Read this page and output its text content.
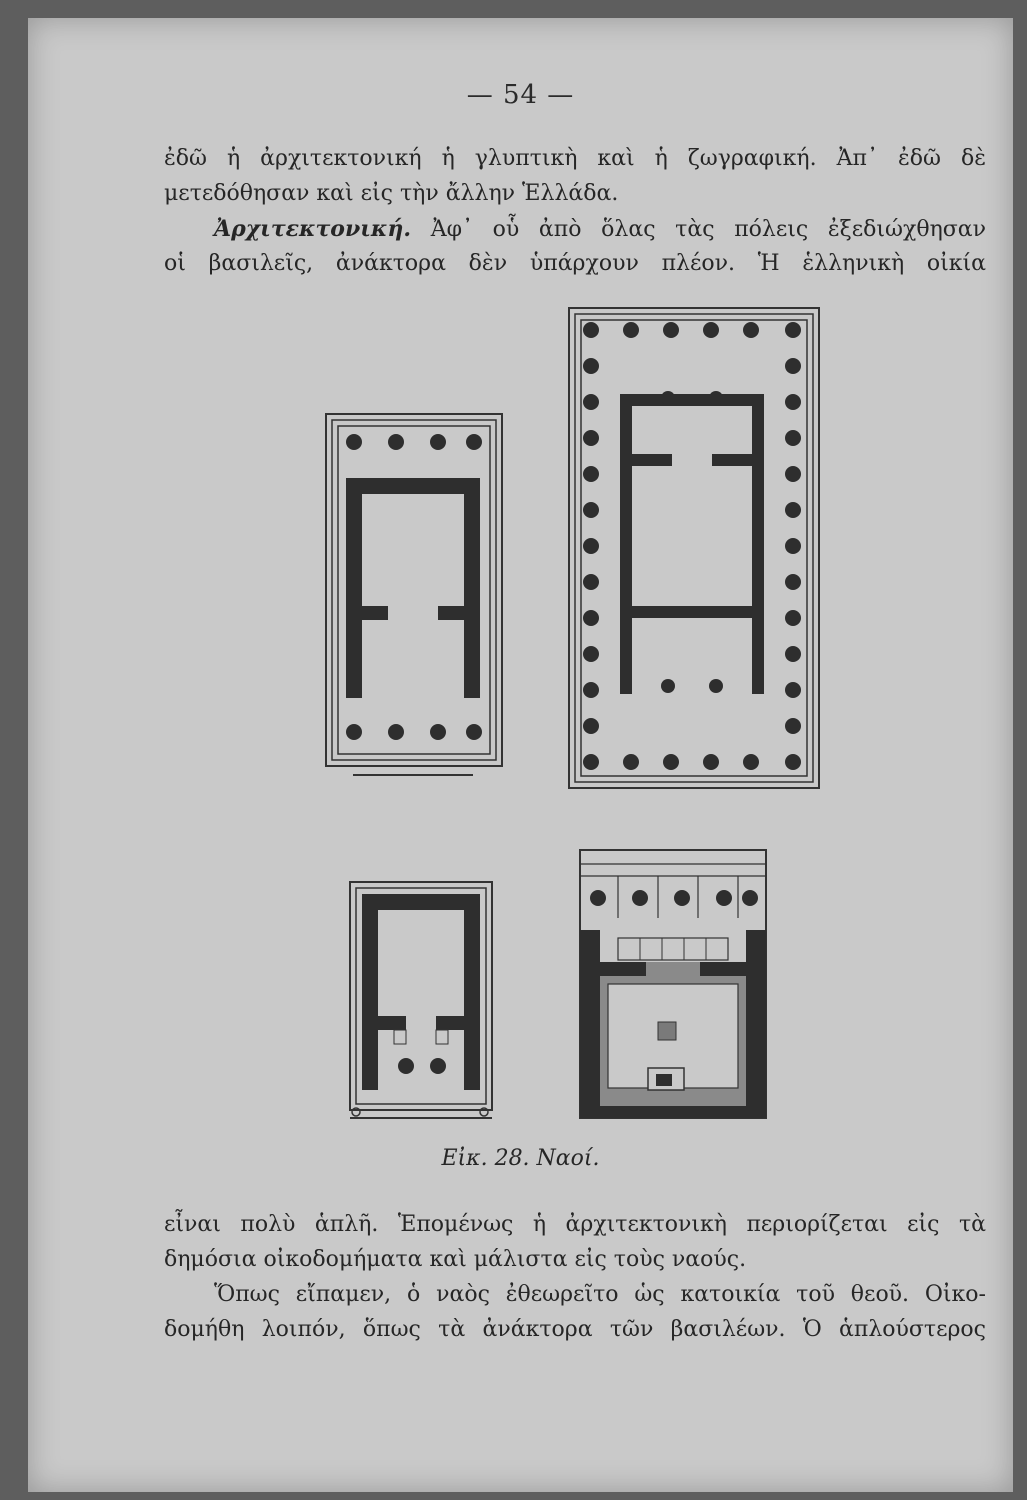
— 54 —
ἐδῶ ἡ ἀρχιτεκτονική ἡ γλυπτικὴ καὶ ἡ ζωγραφική. Ἀπ᾿ ἐδῶ δὲ
μετεδόθησαν καὶ εἰς τὴν ἄλλην Ἑλλάδα.
Ἀρχιτεκτονική. Ἀφ᾿ οὗ ἀπὸ ὅλας τὰς πόλεις ἐξεδιώχθησαν
οἱ βασιλεῖς, ἀνάκτορα δὲν ὑπάρχουν πλέον. Ἡ ἑλληνικὴ οἰκία
Εἰκ. 28. Ναοί.
εἶναι πολὺ ἁπλῆ. Ἑπομένως ἡ ἀρχιτεκτονικὴ περιορίζεται εἰς τὰ
δημόσια οἰκοδομήματα καὶ μάλιστα εἰς τοὺς ναούς.
Ὅπως εἴπαμεν, ὁ ναὸς ἐθεωρεῖτο ὡς κατοικία τοῦ θεοῦ. Οἰκο-
δομήθη λοιπόν, ὅπως τὰ ἀνάκτορα τῶν βασιλέων. Ὁ ἁπλούστερος
